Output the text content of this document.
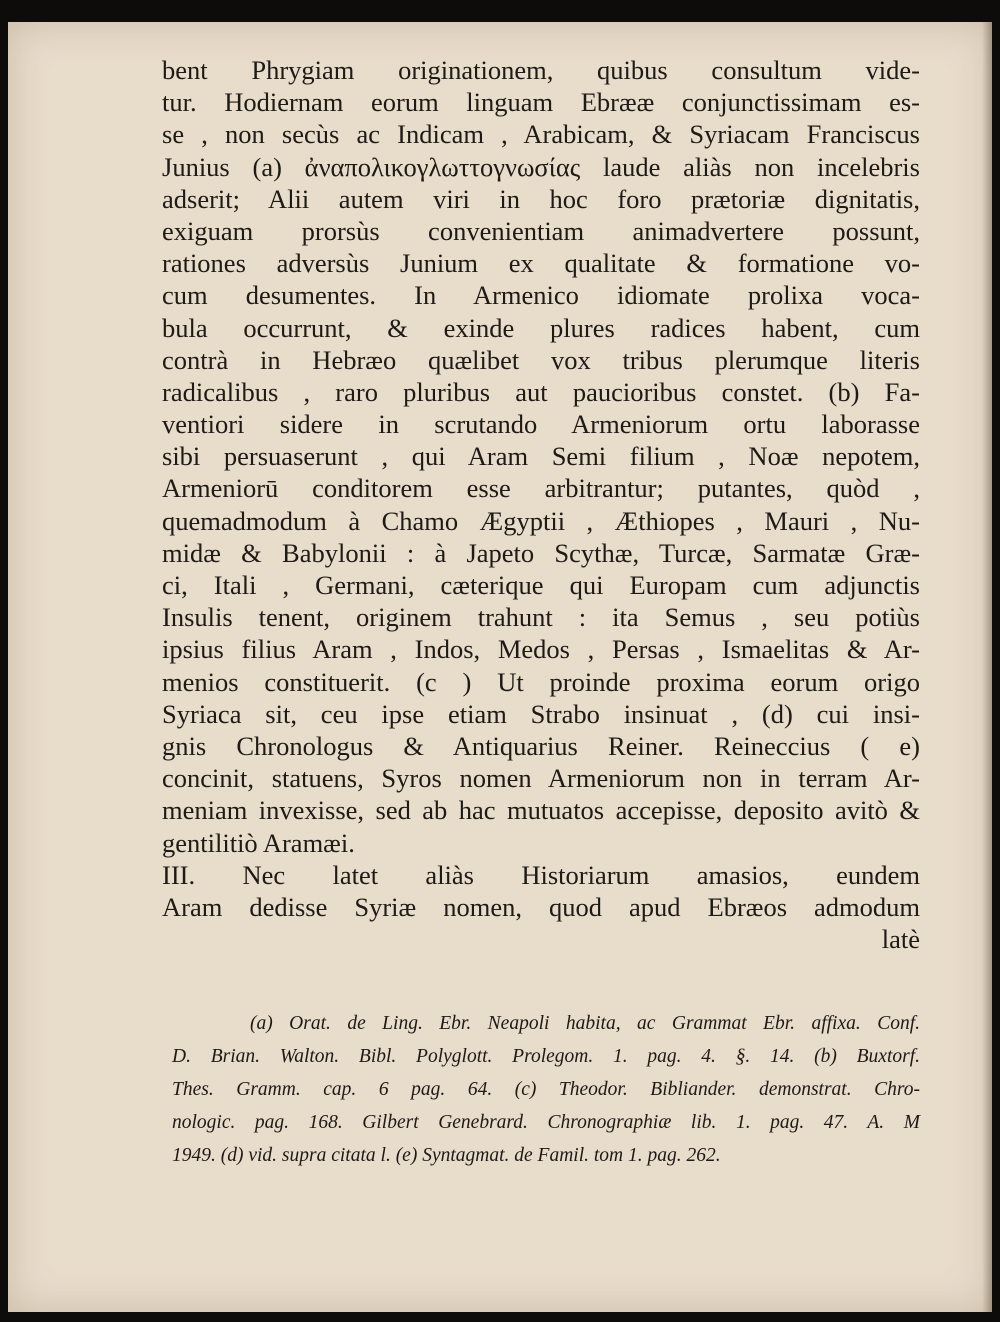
bent Phrygiam originationem, quibus consultum vide-
tur. Hodiernam eorum linguam Ebrææ conjunctissimam es-
se , non secùs ac Indicam , Arabicam, & Syriacam Franciscus
Junius (a) ἀναπολικογλωττογνωσίας laude aliàs non incelebris
adserit; Alii autem viri in hoc foro prætoriæ dignitatis,
exiguam prorsùs convenientiam animadvertere possunt,
rationes adversùs Junium ex qualitate & formatione vo-
cum desumentes. In Armenico idiomate prolixa voca-
bula occurrunt, & exinde plures radices habent, cum
contrà in Hebræo quælibet vox tribus plerumque literis
radicalibus , raro pluribus aut paucioribus constet. (b) Fa-
ventiori sidere in scrutando Armeniorum ortu laborasse
sibi persuaserunt , qui Aram Semi filium , Noæ nepotem,
Armeniorū conditorem esse arbitrantur; putantes, quòd ,
quemadmodum à Chamo Ægyptii , Æthiopes , Mauri , Nu-
midæ & Babylonii : à Japeto Scythæ, Turcæ, Sarmatæ Græ-
ci, Itali , Germani, cæterique qui Europam cum adjunctis
Insulis tenent, originem trahunt : ita Semus , seu potiùs
ipsius filius Aram , Indos, Medos , Persas , Ismaelitas & Ar-
menios constituerit. (c ) Ut proinde proxima eorum origo
Syriaca sit, ceu ipse etiam Strabo insinuat , (d) cui insi-
gnis Chronologus & Antiquarius Reiner. Reineccius ( e)
concinit, statuens, Syros nomen Armeniorum non in terram Ar-
meniam invexisse, sed ab hac mutuatos accepisse, deposito avitò &
gentilitiò Aramæi.
III. Nec latet aliàs Historiarum amasios, eundem
Aram dedisse Syriæ nomen, quod apud Ebræos admodum
latè
(a) Orat. de Ling. Ebr. Neapoli habita, ac Grammat Ebr. affixa. Conf.
D. Brian. Walton. Bibl. Polyglott. Prolegom. 1. pag. 4. §. 14. (b) Buxtorf.
Thes. Gramm. cap. 6 pag. 64. (c) Theodor. Bibliander. demonstrat. Chro-
nologic. pag. 168. Gilbert Genebrard. Chronographiæ lib. 1. pag. 47. A. M
1949. (d) vid. supra citata l. (e) Syntagmat. de Famil. tom 1. pag. 262.
